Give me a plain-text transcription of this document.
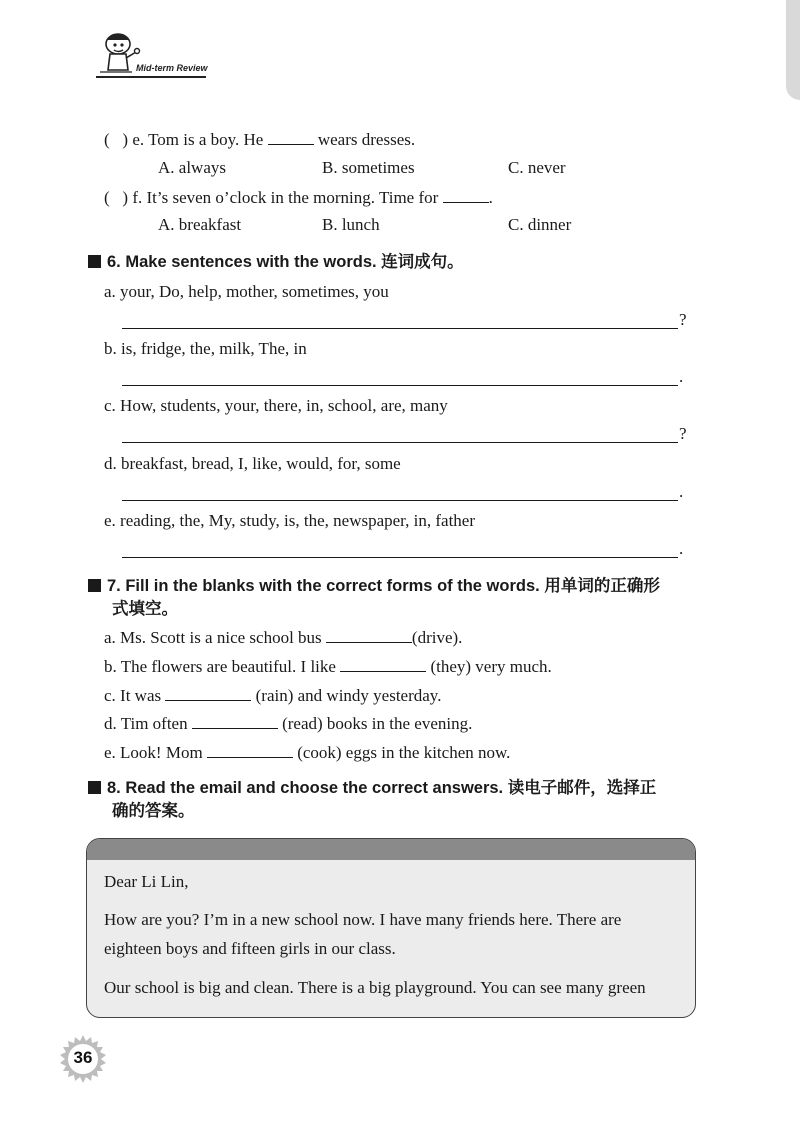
Mid-term Review
( ) e. Tom is a boy. He	wears dresses.
A. always	B. sometimes	C. never
( ) f. It’s seven o’clock in the morning. Time for	.
A. breakfast	B. lunch	C. dinner
6. Make sentences with the words. 连词成句。
a. your, Do, help, mother, sometimes, you
?
b. is, fridge, the, milk, The, in
.
c. How, students, your, there, in, school, are, many
?
d. breakfast, bread, I, like, would, for, some
.
e. reading, the, My, study, is, the, newspaper, in, father
.
7. Fill in the blanks with the correct forms of the words. 用单词的正确形
式填空。
a. Ms. Scott is a nice school bus	(drive).
b. The flowers are beautiful. I like	(they) very much.
c. It was	(rain) and windy yesterday.
d. Tim often	(read) books in the evening.
e. Look! Mom	(cook) eggs in the kitchen now.
8. Read the email and choose the correct answers. 读电子邮件，选择正
确的答案。
Dear Li Lin,
How are you? I’m in a new school now. I have many friends here. There are
eighteen boys and fifteen girls in our class.
Our school is big and clean. There is a big playground. You can see many green
36
